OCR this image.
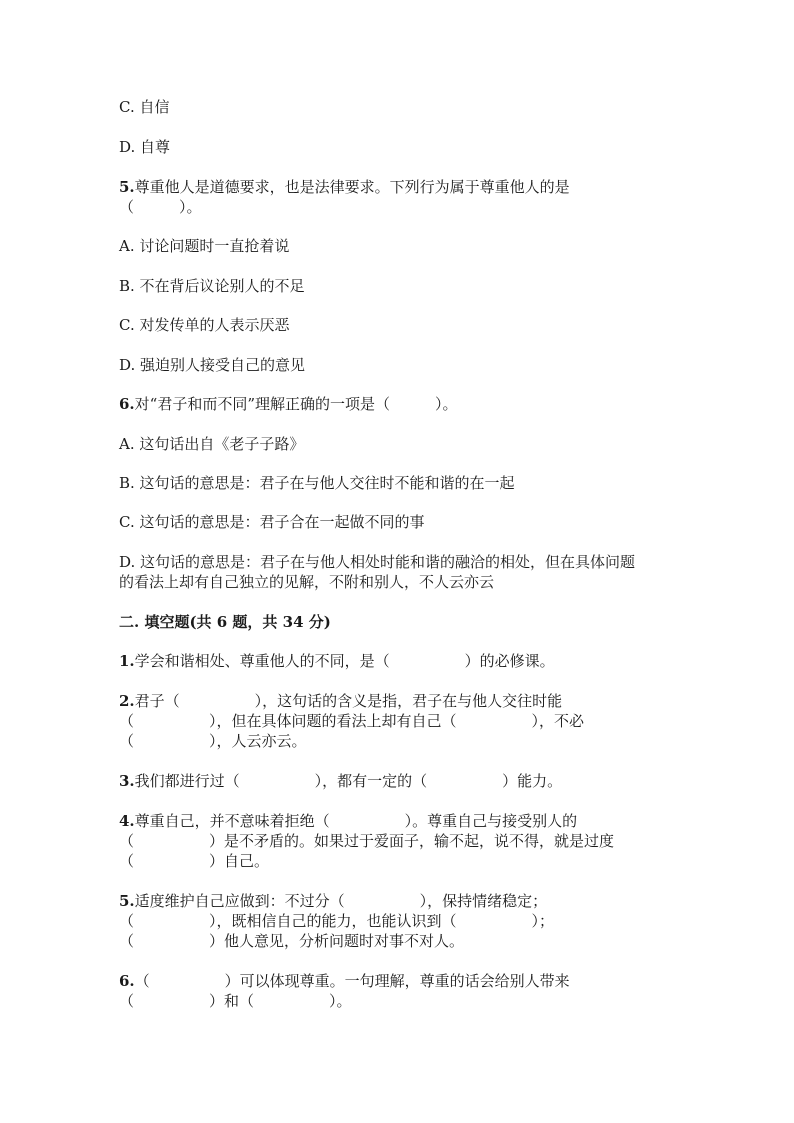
C. 自信
D. 自尊
5.尊重他人是道德要求，也是法律要求。下列行为属于尊重他人的是
（　　　）。
A. 讨论问题时一直抢着说
B. 不在背后议论别人的不足
C. 对发传单的人表示厌恶
D. 强迫别人接受自己的意见
6.对“君子和而不同”理解正确的一项是（　　　）。
A. 这句话出自《老子子路》
B. 这句话的意思是：君子在与他人交往时不能和谐的在一起
C. 这句话的意思是：君子合在一起做不同的事
D. 这句话的意思是：君子在与他人相处时能和谐的融洽的相处，但在具体问题
的看法上却有自己独立的见解，不附和别人，不人云亦云
二. 填空题(共 6 题，共 34 分)
1.学会和谐相处、尊重他人的不同，是（　　　　　）的必修课。
2.君子（　　　　　），这句话的含义是指，君子在与他人交往时能
（　　　　　），但在具体问题的看法上却有自己（　　　　　），不必
（　　　　　），人云亦云。
3.我们都进行过（　　　　　），都有一定的（　　　　　）能力。
4.尊重自己，并不意味着拒绝（　　　　　）。尊重自己与接受别人的
（　　　　　）是不矛盾的。如果过于爱面子，输不起，说不得，就是过度
（　　　　　）自己。
5.适度维护自己应做到：不过分（　　　　　），保持情绪稳定；
（　　　　　），既相信自己的能力，也能认识到（　　　　　）；
（　　　　　）他人意见，分析问题时对事不对人。
6.（　　　　　）可以体现尊重。一句理解，尊重的话会给别人带来
（　　　　　）和（　　　　　）。
